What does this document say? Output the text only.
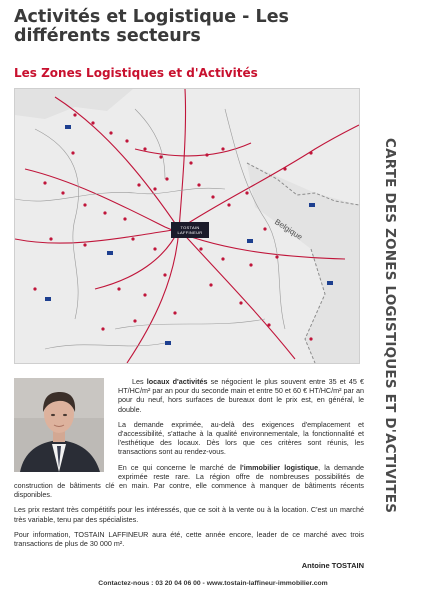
Activités et Logistique - Les différents secteurs
Les Zones Logistiques et d'Activités
CARTE DES ZONES LOGISTIQUES ET D'ACTIVITES
Belgique
TOSTAIN LAFFINEUR

Les locaux d'activités se négocient le plus souvent entre 35 et 45 € HT/HC/m² par an pour du seconde main et entre 50 et 60 € HT/HC/m² par an pour du neuf, hors surfaces de bureaux dont le prix est, en général, le double.

La demande exprimée, au-delà des exigences d'emplacement et d'accessibilité, s'attache à la qualité environnementale, la fonctionnalité et l'esthétique des locaux. Dès lors que ces critères sont réunis, les transactions sont au rendez-vous.

En ce qui concerne le marché de l'immobilier logistique, la demande exprimée reste rare. La région offre de nombreuses possibilités de construction de bâtiments clé en main. Par contre, elle commence à manquer de bâtiments récents disponibles.

Les prix restant très compétitifs pour les intéressés, que ce soit à la vente ou à la location. C'est un marché très variable, tenu par des spécialistes.

Pour information, TOSTAIN LAFFINEUR aura été, cette année encore, leader de ce marché avec trois transactions de plus de 30 000 m².

Antoine TOSTAIN
Contactez-nous : 03 20 04 06 00 - www.tostain-laffineur-immobilier.com
